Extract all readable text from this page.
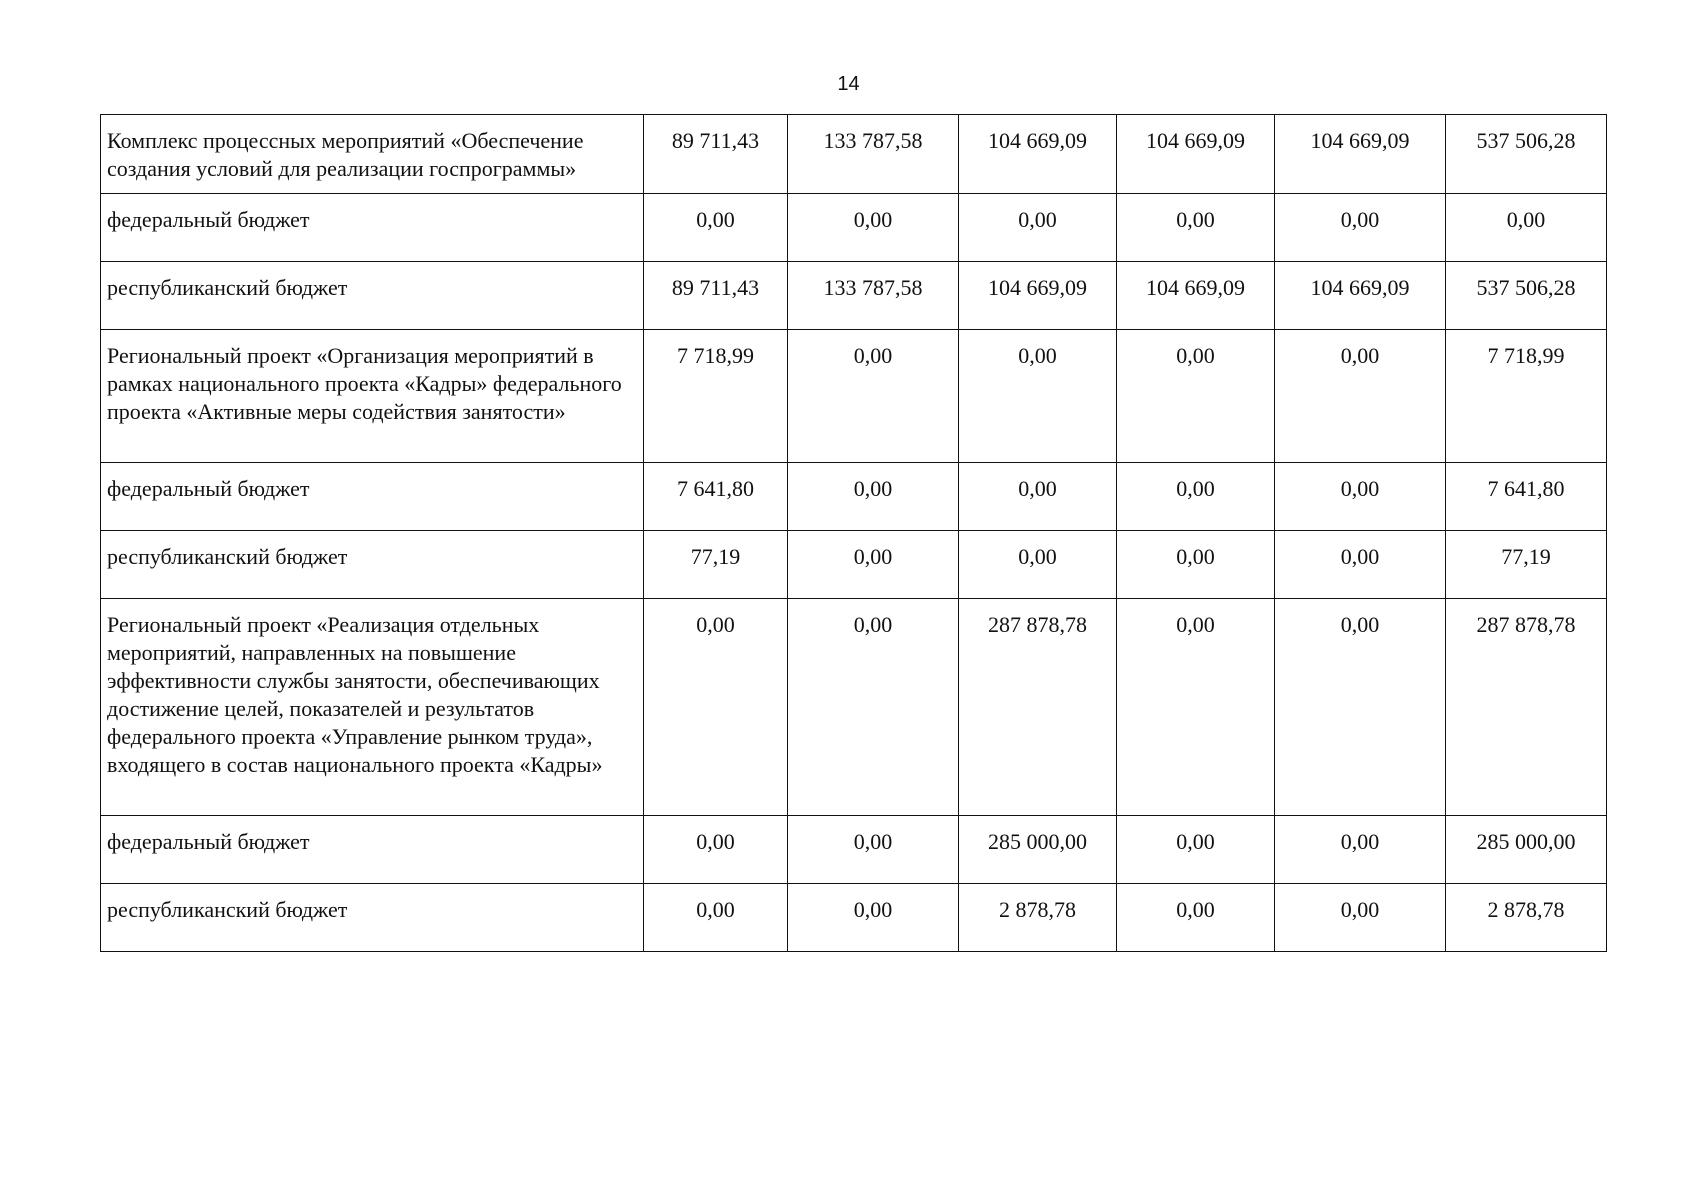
14
Комплекс процессных мероприятий «Обеспечение создания условий для реализации госпрограммы»	89 711,43	133 787,58	104 669,09	104 669,09	104 669,09	537 506,28
федеральный бюджет	0,00	0,00	0,00	0,00	0,00	0,00
республиканский бюджет	89 711,43	133 787,58	104 669,09	104 669,09	104 669,09	537 506,28
Региональный проект «Организация мероприятий в рамках национального проекта «Кадры» федерального проекта «Активные меры содействия занятости»	7 718,99	0,00	0,00	0,00	0,00	7 718,99
федеральный бюджет	7 641,80	0,00	0,00	0,00	0,00	7 641,80
республиканский бюджет	77,19	0,00	0,00	0,00	0,00	77,19
Региональный проект «Реализация отдельных мероприятий, направленных на повышение эффективности службы занятости, обеспечивающих достижение целей, показателей и результатов федерального проекта «Управление рынком труда», входящего в состав национального проекта «Кадры»	0,00	0,00	287 878,78	0,00	0,00	287 878,78
федеральный бюджет	0,00	0,00	285 000,00	0,00	0,00	285 000,00
республиканский бюджет	0,00	0,00	2 878,78	0,00	0,00	2 878,78
